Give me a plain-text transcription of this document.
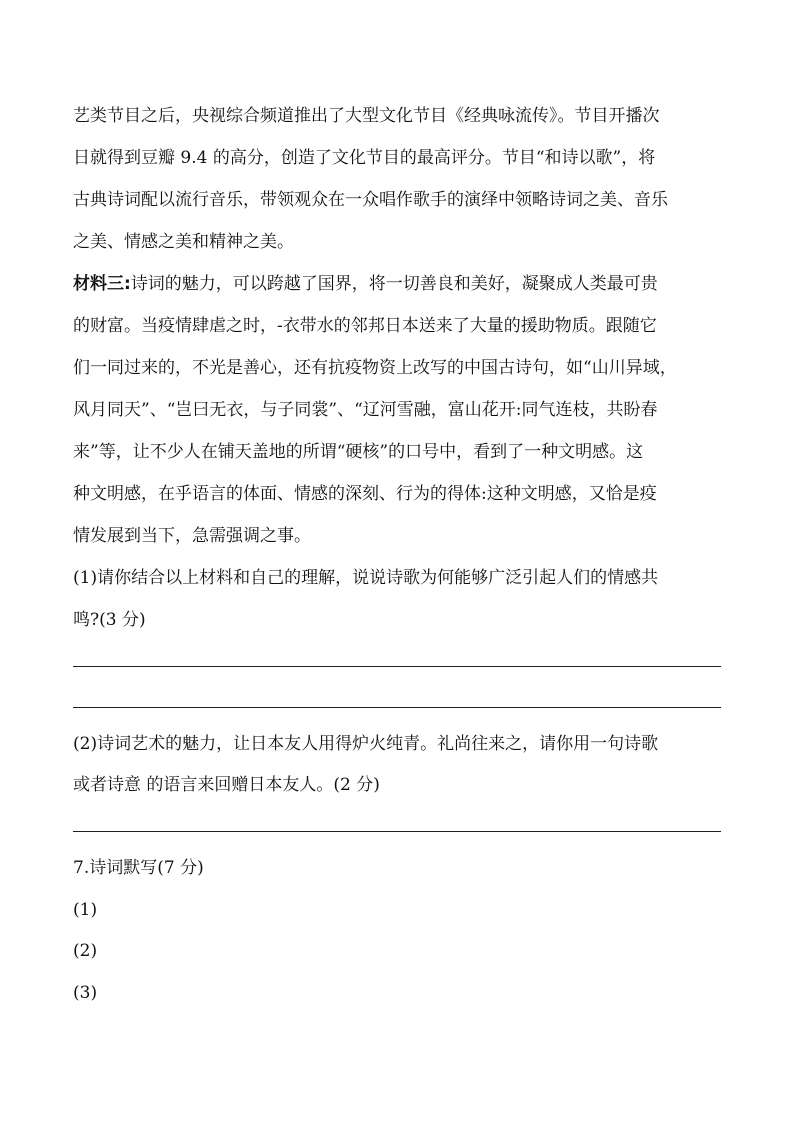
艺类节目之后，央视综合频道推出了大型文化节目《经典咏流传》。节目开播次
日就得到豆瓣 9.4 的高分，创造了文化节目的最高评分。节目“和诗以歌”，将
古典诗词配以流行音乐，带领观众在一众唱作歌手的演绎中领略诗词之美、音乐
之美、情感之美和精神之美。
材料三:诗词的魅力，可以跨越了国界，将一切善良和美好，凝聚成人类最可贵
的财富。当疫情肆虐之时，-衣带水的邻邦日本送来了大量的援助物质。跟随它
们一同过来的，不光是善心，还有抗疫物资上改写的中国古诗句，如“山川异域，
风月同天”、“岂曰无衣，与子同裳”、“辽河雪融，富山花开:同气连枝，共盼春
来”等，让不少人在铺天盖地的所谓“硬核”的口号中，看到了一种文明感。这
种文明感，在乎语言的体面、情感的深刻、行为的得体:这种文明感，又恰是疫
情发展到当下，急需强调之事。
(1)请你结合以上材料和自己的理解，说说诗歌为何能够广泛引起人们的情感共
鸣?(3 分)
(2)诗词艺术的魅力，让日本友人用得炉火纯青。礼尚往来之，请你用一句诗歌
或者诗意 的语言来回赠日本友人。(2 分)
7.诗词默写(7 分)
(1)
(2)
(3)
